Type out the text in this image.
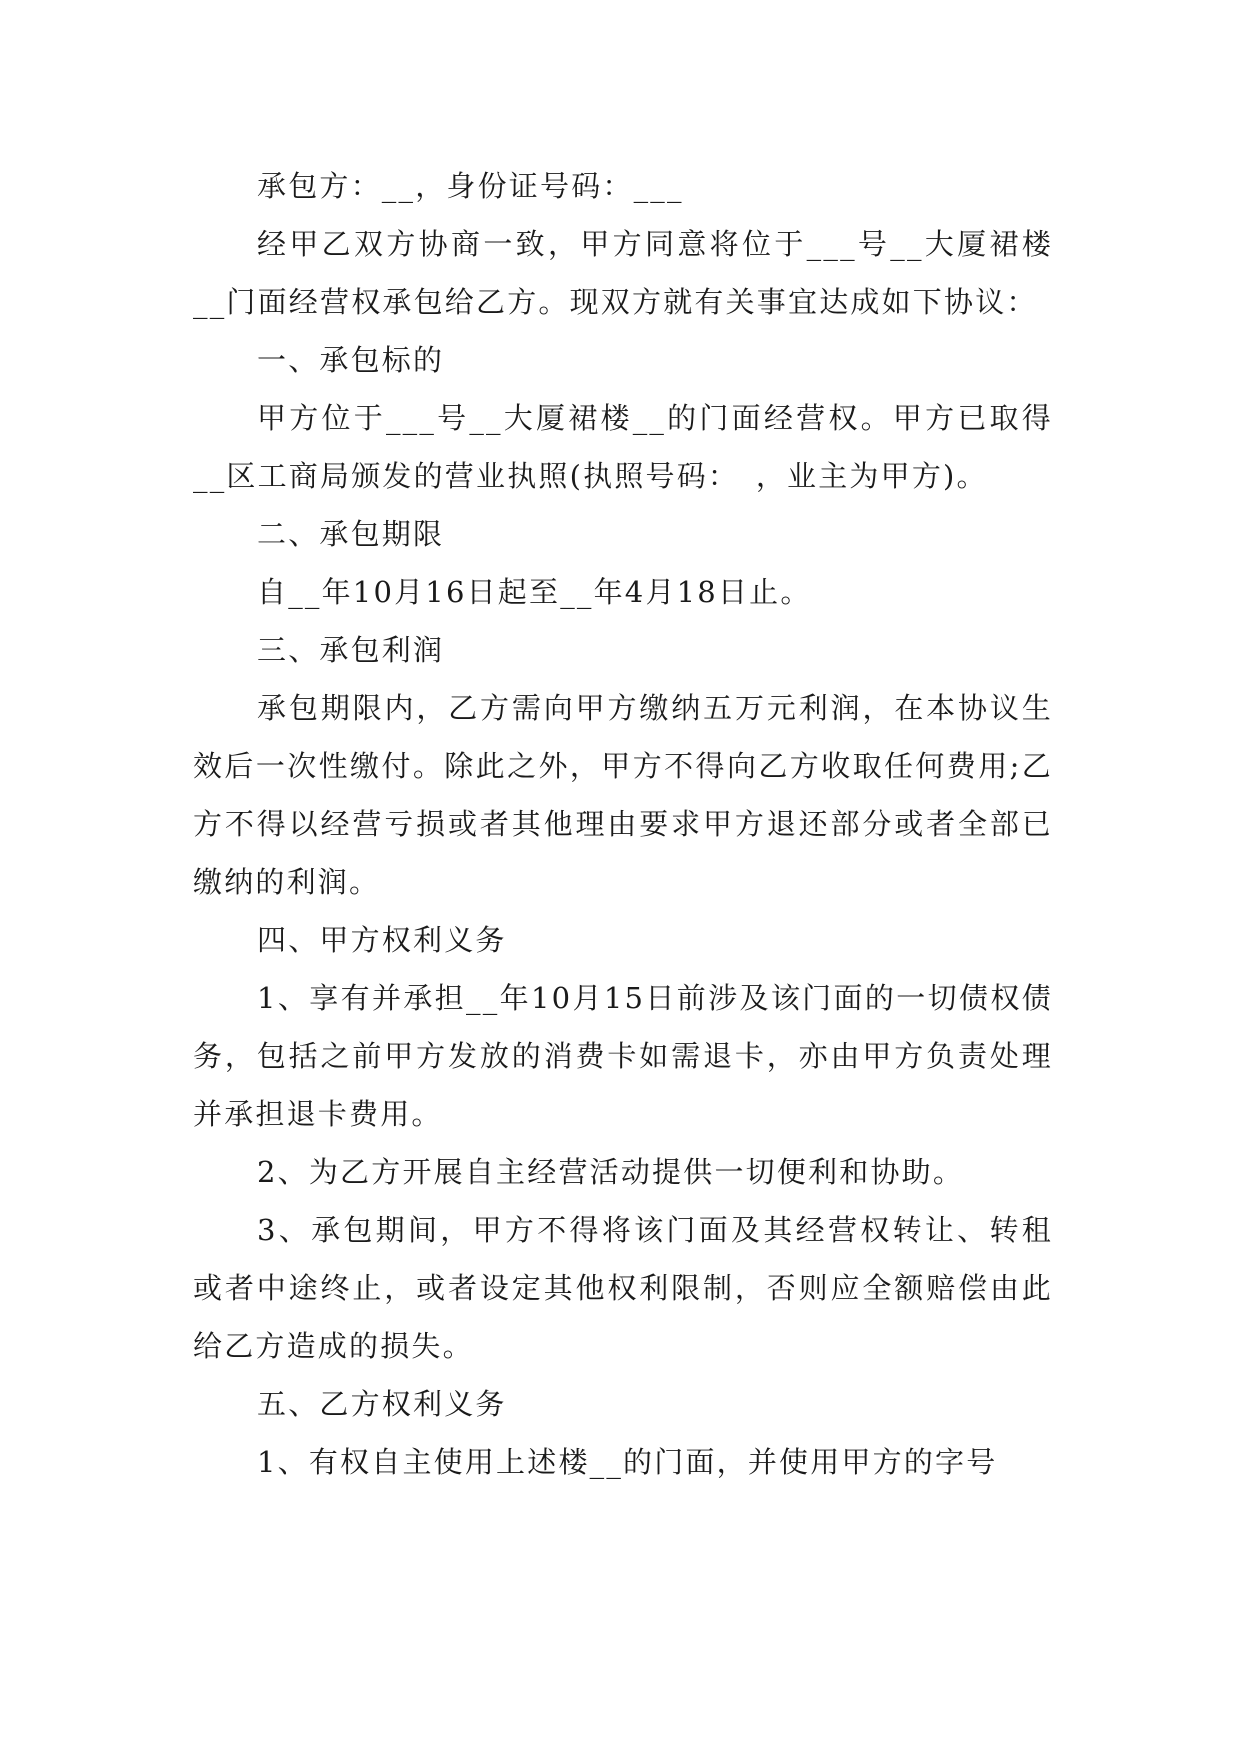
承包方：__，身份证号码：___

经甲乙双方协商一致，甲方同意将位于___号__大厦裙楼__门面经营权承包给乙方。现双方就有关事宜达成如下协议：

一、承包标的

甲方位于___号__大厦裙楼__的门面经营权。甲方已取得__区工商局颁发的营业执照(执照号码：　，业主为甲方)。

二、承包期限

自__年10月16日起至__年4月18日止。

三、承包利润

承包期限内，乙方需向甲方缴纳五万元利润，在本协议生效后一次性缴付。除此之外，甲方不得向乙方收取任何费用;乙方不得以经营亏损或者其他理由要求甲方退还部分或者全部已缴纳的利润。

四、甲方权利义务

1、享有并承担__年10月15日前涉及该门面的一切债权债务，包括之前甲方发放的消费卡如需退卡，亦由甲方负责处理并承担退卡费用。

2、为乙方开展自主经营活动提供一切便利和协助。

3、承包期间，甲方不得将该门面及其经营权转让、转租或者中途终止，或者设定其他权利限制，否则应全额赔偿由此给乙方造成的损失。

五、乙方权利义务

1、有权自主使用上述楼__的门面，并使用甲方的字号
